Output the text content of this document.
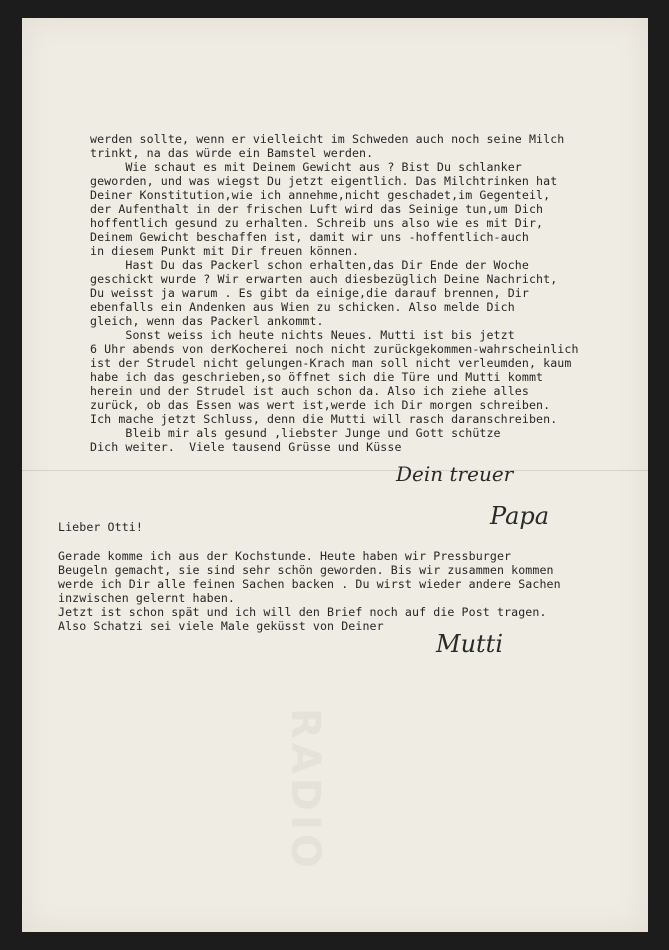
RADIO
werden sollte, wenn er vielleicht im Schweden auch noch seine Milch
trinkt, na das würde ein Bamstel werden.
Wie schaut es mit Deinem Gewicht aus ? Bist Du schlanker
geworden, und was wiegst Du jetzt eigentlich. Das Milchtrinken hat
Deiner Konstitution,wie ich annehme,nicht geschadet,im Gegenteil,
der Aufenthalt in der frischen Luft wird das Seinige tun,um Dich
hoffentlich gesund zu erhalten. Schreib uns also wie es mit Dir,
Deinem Gewicht beschaffen ist, damit wir uns -hoffentlich-auch
in diesem Punkt mit Dir freuen können.
Hast Du das Packerl schon erhalten,das Dir Ende der Woche
geschickt wurde ? Wir erwarten auch diesbezüglich Deine Nachricht,
Du weisst ja warum . Es gibt da einige,die darauf brennen, Dir
ebenfalls ein Andenken aus Wien zu schicken. Also melde Dich
gleich, wenn das Packerl ankommt.
Sonst weiss ich heute nichts Neues. Mutti ist bis jetzt
6 Uhr abends von derKocherei noch nicht zurückgekommen-wahrscheinlich
ist der Strudel nicht gelungen-Krach man soll nicht verleumden, kaum
habe ich das geschrieben,so öffnet sich die Türe und Mutti kommt
herein und der Strudel ist auch schon da. Also ich ziehe alles
zurück, ob das Essen was wert ist,werde ich Dir morgen schreiben.
Ich mache jetzt Schluss, denn die Mutti will rasch daranschreiben.
Bleib mir als gesund ,liebster Junge und Gott schütze
Dich weiter.  Viele tausend Grüsse und Küsse
Dein treuer
Papa
Lieber Otti!
Gerade komme ich aus der Kochstunde. Heute haben wir Pressburger
Beugeln gemacht, sie sind sehr schön geworden. Bis wir zusammen kommen
werde ich Dir alle feinen Sachen backen . Du wirst wieder andere Sachen
inzwischen gelernt haben.
Jetzt ist schon spät und ich will den Brief noch auf die Post tragen.
Also Schatzi sei viele Male geküsst von Deiner
Mutti
